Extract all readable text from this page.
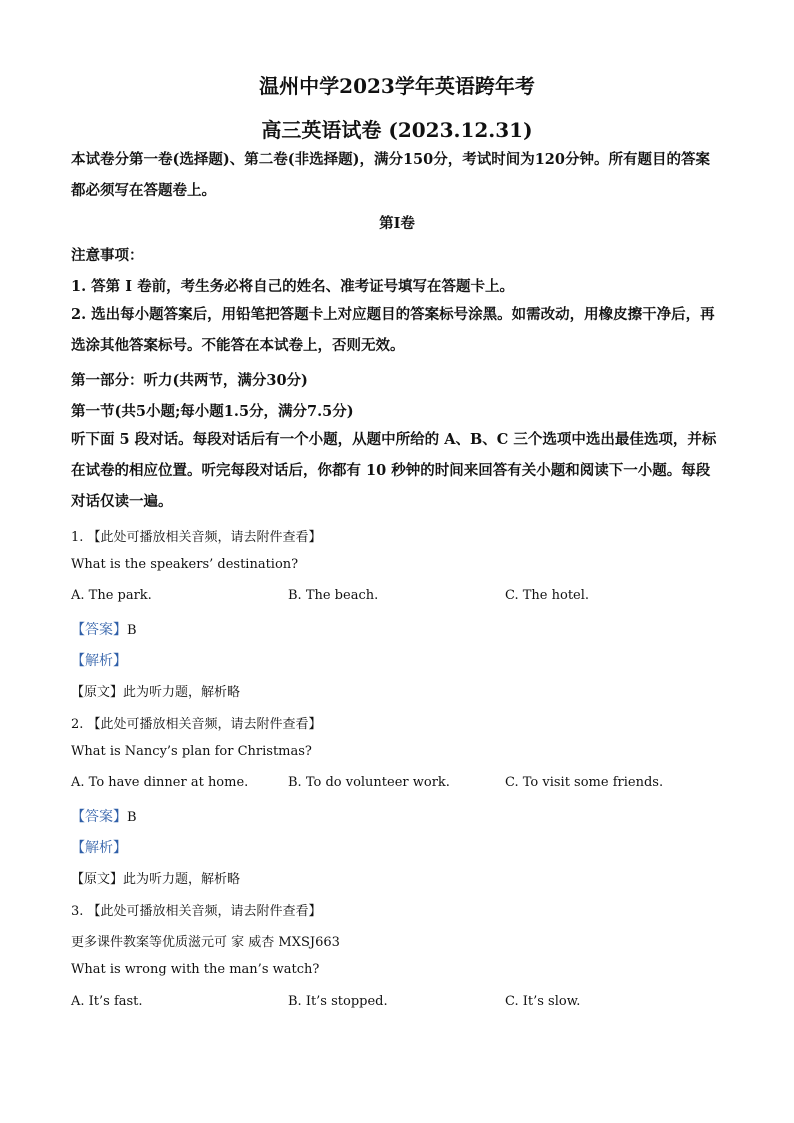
温州中学2023学年英语跨年考
高三英语试卷 (2023.12.31)
本试卷分第一卷(选择题)、第二卷(非选择题)，满分150分，考试时间为120分钟。所有题目的答案都必须写在答题卷上。
第I卷
注意事项：
1. 答第 I 卷前，考生务必将自己的姓名、准考证号填写在答题卡上。
2. 选出每小题答案后，用铅笔把答题卡上对应题目的答案标号涂黑。如需改动，用橡皮擦干净后，再选涂其他答案标号。不能答在本试卷上，否则无效。
第一部分：听力(共两节，满分30分)
第一节(共5小题;每小题1.5分，满分7.5分)
听下面 5 段对话。每段对话后有一个小题，从题中所给的 A、B、C 三个选项中选出最佳选项，并标在试卷的相应位置。听完每段对话后，你都有 10 秒钟的时间来回答有关小题和阅读下一小题。每段对话仅读一遍。
1. 【此处可播放相关音频，请去附件查看】
What is the speakers’ destination?
A. The park.	B. The beach.	C. The hotel.
【答案】B
【解析】
【原文】此为听力题，解析略
2. 【此处可播放相关音频，请去附件查看】
What is Nancy’s plan for Christmas?
A. To have dinner at home.	B. To do volunteer work.	C. To visit some friends.
【答案】B
【解析】
【原文】此为听力题，解析略
3. 【此处可播放相关音频，请去附件查看】
更多课件教案等优质滋元可 家 威杏 MXSJ663
What is wrong with the man’s watch?
A. It’s fast.	B. It’s stopped.	C. It’s slow.
